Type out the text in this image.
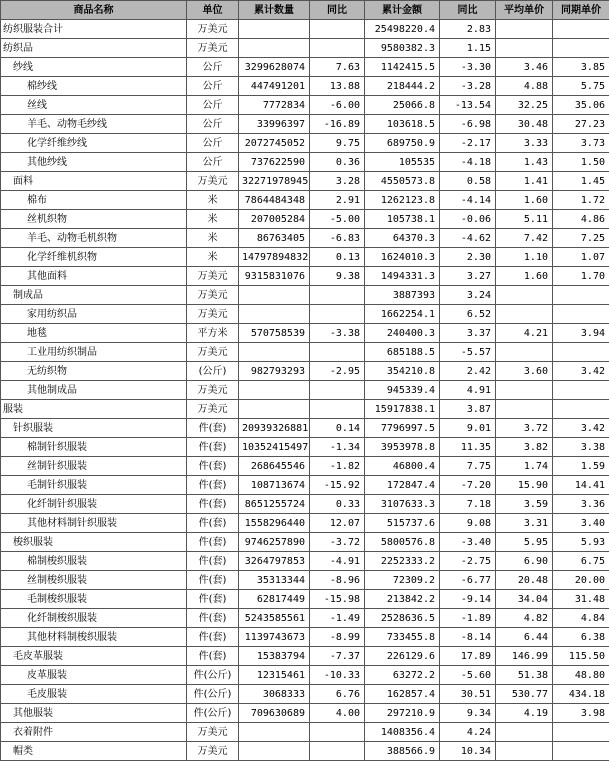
商品名称	单位	累计数量	同比	累计金额	同比	平均单价	同期单价
纺织服装合计	万美元			25498220.4	2.83		
纺织品	万美元			9580382.3	1.15		
纱线	公斤	3299628074	7.63	1142415.5	-3.30	3.46	3.85
棉纱线	公斤	447491201	13.88	218444.2	-3.28	4.88	5.75
丝线	公斤	7772834	-6.00	25066.8	-13.54	32.25	35.06
羊毛、动物毛纱线	公斤	33996397	-16.89	103618.5	-6.98	30.48	27.23
化学纤维纱线	公斤	2072745052	9.75	689750.9	-2.17	3.33	3.73
其他纱线	公斤	737622590	0.36	105535	-4.18	1.43	1.50
面料	万美元	32271978945	3.28	4550573.8	0.58	1.41	1.45
棉布	米	7864484348	2.91	1262123.8	-4.14	1.60	1.72
丝机织物	米	207005284	-5.00	105738.1	-0.06	5.11	4.86
羊毛、动物毛机织物	米	86763405	-6.83	64370.3	-4.62	7.42	7.25
化学纤维机织物	米	14797894832	0.13	1624010.3	2.30	1.10	1.07
其他面料	万美元	9315831076	9.38	1494331.3	3.27	1.60	1.70
制成品	万美元			3887393	3.24		
家用纺织品	万美元			1662254.1	6.52		
地毯	平方米	570758539	-3.38	240400.3	3.37	4.21	3.94
工业用纺织制品	万美元			685188.5	-5.57		
无纺织物	(公斤)	982793293	-2.95	354210.8	2.42	3.60	3.42
其他制成品	万美元			945339.4	4.91		
服装	万美元			15917838.1	3.87		
针织服装	件(套)	20939326881	0.14	7796997.5	9.01	3.72	3.42
棉制针织服装	件(套)	10352415497	-1.34	3953978.8	11.35	3.82	3.38
丝制针织服装	件(套)	268645546	-1.82	46800.4	7.75	1.74	1.59
毛制针织服装	件(套)	108713674	-15.92	172847.4	-7.20	15.90	14.41
化纤制针织服装	件(套)	8651255724	0.33	3107633.3	7.18	3.59	3.36
其他材料制针织服装	件(套)	1558296440	12.07	515737.6	9.08	3.31	3.40
梭织服装	件(套)	9746257890	-3.72	5800576.8	-3.40	5.95	5.93
棉制梭织服装	件(套)	3264797853	-4.91	2252333.2	-2.75	6.90	6.75
丝制梭织服装	件(套)	35313344	-8.96	72309.2	-6.77	20.48	20.00
毛制梭织服装	件(套)	62817449	-15.98	213842.2	-9.14	34.04	31.48
化纤制梭织服装	件(套)	5243585561	-1.49	2528636.5	-1.89	4.82	4.84
其他材料制梭织服装	件(套)	1139743673	-8.99	733455.8	-8.14	6.44	6.38
毛皮革服装	件(套)	15383794	-7.37	226129.6	17.89	146.99	115.50
皮革服装	件(公斤)	12315461	-10.33	63272.2	-5.60	51.38	48.80
毛皮服装	件(公斤)	3068333	6.76	162857.4	30.51	530.77	434.18
其他服装	件(公斤)	709630689	4.00	297210.9	9.34	4.19	3.98
衣着附件	万美元			1408356.4	4.24		
帽类	万美元			388566.9	10.34		
